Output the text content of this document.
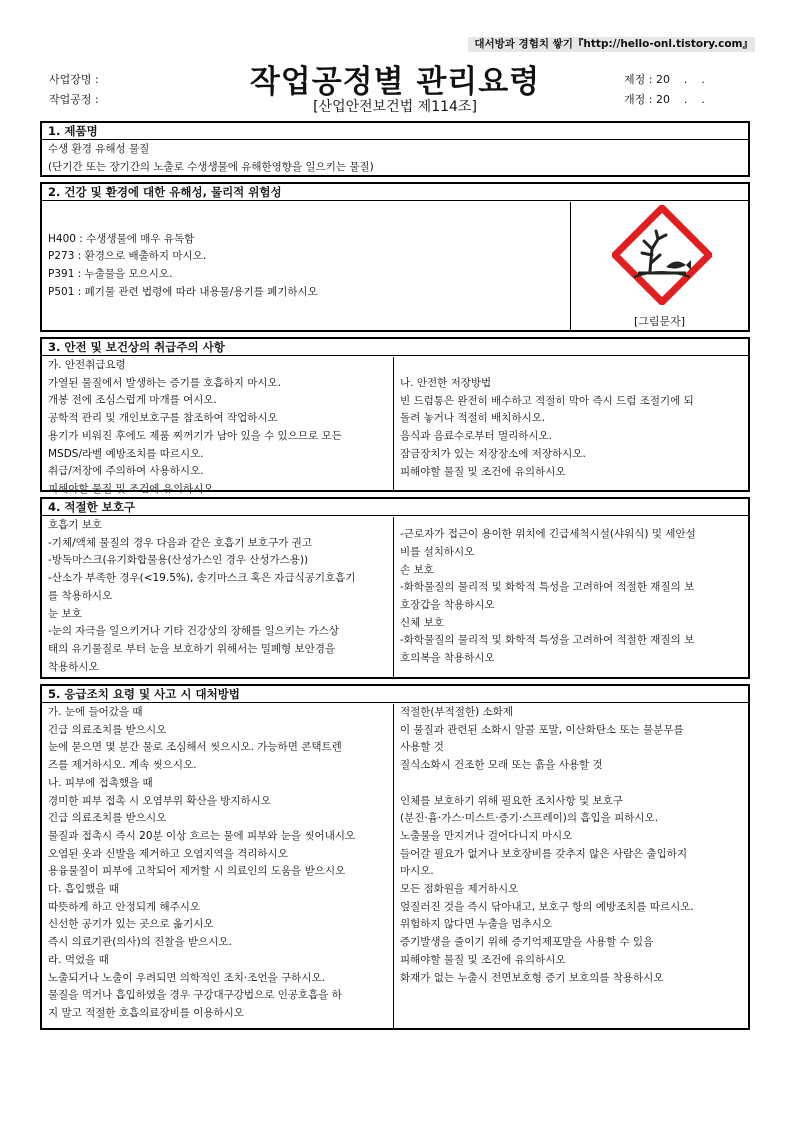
대서방과 경험치 쌓기『http://hello-onl.tistory.com』
사업장명 :
작업공정 :	작업공정별 관리요령
[산업안전보건법 제114조]
제정 : 20    .    .
개정 : 20    .    .
1. 제품명
수생 환경 유해성 물질
(단기간 또는 장기간의 노출로 수생생물에 유해한영향을 일으키는 물질)
2. 건강 및 환경에 대한 유해성, 물리적 위험성
H400 : 수생생물에 매우 유독함
P273 : 환경으로 배출하지 마시오.
P391 : 누출물을 모으시오.
P501 : 폐기물 관련 법령에 따라 내용물/용기를 폐기하시오
[그림문자]
3. 안전 및 보건상의 취급주의 사항
가. 안전취급요령
가열된 물질에서 발생하는 증기를 호흡하지 마시오.
개봉 전에 조심스럽게 마개를 여시오.
공학적 관리 및 개인보호구를 참조하여 작업하시오
용기가 비워진 후에도 제품 찌꺼기가 남아 있을 수 있으므로 모든
MSDS/라벨 예방조치를 따르시오.
취급/저장에 주의하여 사용하시오.
피해야할 물질 및 조건에 유의하시오
나. 안전한 저장방법
빈 드럼통은 완전히 배수하고 적절히 막아 즉시 드럼 조절기에 되
돌려 놓거나 적절히 배치하시오.
음식과 음료수로부터 멀리하시오.
잠금장치가 있는 저장장소에 저장하시오.
피해야할 물질 및 조건에 유의하시오
4. 적절한 보호구
호흡기 보호
-기체/액체 물질의 경우 다음과 같은 호흡기 보호구가 권고
-방독마스크(유기화합물용(산성가스인 경우 산성가스용))
-산소가 부족한 경우(<19.5%), 송기마스크 혹은 자급식공기호흡기
를 착용하시오
눈 보호
-눈의 자극을 일으키거나 기타 건강상의 장해를 일으키는 가스상
태의 유기물질로 부터 눈을 보호하기 위해서는 밀폐형 보안경을
착용하시오
-근로자가 접근이 용이한 위치에 긴급세척시설(샤워식) 및 세안설
비를 설치하시오
손 보호
-화학물질의 물리적 및 화학적 특성을 고려하여 적절한 재질의 보
호장갑을 착용하시오
신체 보호
-화학물질의 물리적 및 화학적 특성을 고려하여 적절한 재질의 보
호의복을 착용하시오
5. 응급조치 요령 및 사고 시 대처방법
가. 눈에 들어갔을 때
긴급 의료조치를 받으시오
눈에 묻으면 몇 분간 물로 조심해서 씻으시오. 가능하면 콘택트렌
즈를 제거하시오. 계속 씻으시오.
나. 피부에 접촉했을 때
경미한 피부 접촉 시 오염부위 확산을 방지하시오
긴급 의료조치를 받으시오
물질과 접촉시 즉시 20분 이상 흐르는 물에 피부와 눈을 씻어내시오
오염된 옷과 신발을 제거하고 오염지역을 격리하시오
용융물질이 피부에 고착되어 제거할 시 의료인의 도움을 받으시오
다. 흡입했을 때
따뜻하게 하고 안정되게 해주시오
신선한 공기가 있는 곳으로 옮기시오
즉시 의료기관(의사)의 진찰을 받으시오.
라. 먹었을 때
노출되거나 노출이 우려되면 의학적인 조치·조언을 구하시오.
물질을 먹거나 흡입하였을 경우 구강대구강법으로 인공호흡을 하
지 말고 적절한 호흡의료장비를 이용하시오
적절한(부적절한) 소화제
이 물질과 관련된 소화시 알콜 포말, 이산화탄소 또는 물분무를
사용할 것
질식소화시 건조한 모래 또는 흙을 사용할 것
인체를 보호하기 위해 필요한 조치사항 및 보호구
(분진·흄·가스·미스트·증기·스프레이)의 흡입을 피하시오.
노출물을 만지거나 걸어다니지 마시오
들어갈 필요가 없거나 보호장비를 갖추지 않은 사람은 출입하지
마시오.
모든 점화원을 제거하시오
엎질러진 것을 즉시 닦아내고, 보호구 항의 예방조치를 따르시오.
위험하지 않다면 누출을 멈추시오
증기발생을 줄이기 위해 증기억제포말을 사용할 수 있음
피해야할 물질 및 조건에 유의하시오
화재가 없는 누출시 전면보호형 증기 보호의를 착용하시오
